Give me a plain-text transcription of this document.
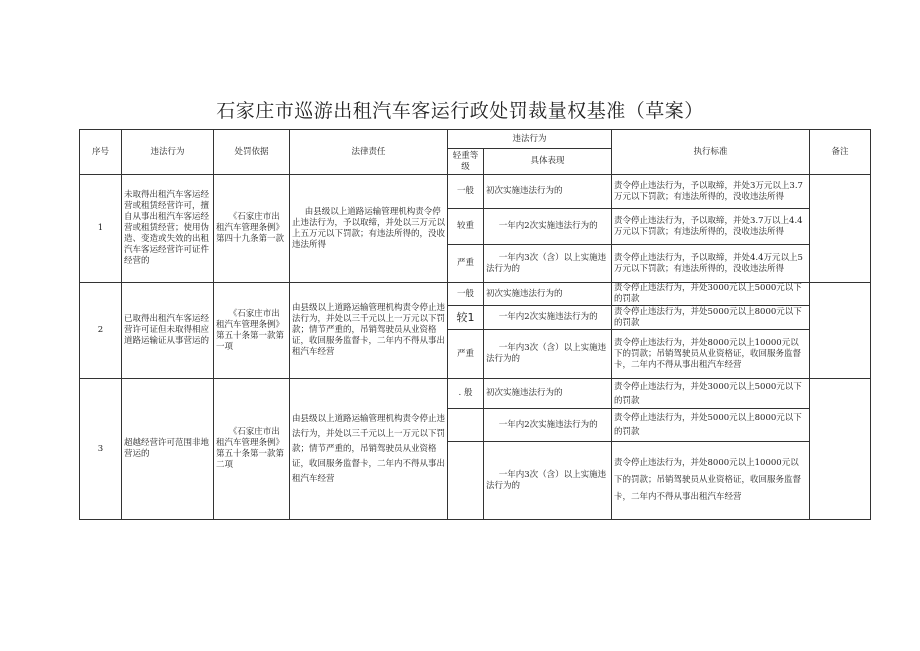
石家庄市巡游出租汽车客运行政处罚裁量权基准（草案）
序号	违法行为	处罚依据	法律责任	违法行为		执行标准	备注
				轻重等级	具体表现		
1	未取得出租汽车客运经营或租赁经营许可，擅自从事出租汽车客运经营或租赁经营；使用伪造、变造或失效的出租汽车客运经营许可证件经营的	《石家庄市出租汽车管理条例》第四十九条第一款	由县级以上道路运输管理机构责令停止违法行为，予以取缔，并处以三万元以上五万元以下罚款；有违法所得的，没收违法所得	一般	初次实施违法行为的	责令停止违法行为，予以取缔，并处3万元以上3.7万元以下罚款；有违法所得的，没收违法所得	
				较重	一年内2次实施违法行为的	责令停止违法行为，予以取缔，并处3.7万以上4.4万元以下罚款；有违法所得的，没收违法所得	
				严重	一年内3次（含）以上实施违法行为的	责令停止违法行为，予以取缔，并处4.4万元以上5万元以下罚款；有违法所得的，没收违法所得	
2	已取得出租汽车客运经营许可证但未取得相应道路运输证从事营运的	《石家庄市出租汽车管理条例》第五十条第一款第一项	由县级以上道路运输管理机构责令停止违法行为，并处以三千元以上一万元以下罚款；情节严重的，吊销驾驶员从业资格证，收回服务监督卡，二年内不得从事出租汽车经营	一般	初次实施违法行为的	责令停止违法行为，并处3000元以上5000元以下的罚款	
				较1	一年内2次实施违法行为的	责令停止违法行为，并处5000元以上8000元以下的罚款	
				严重	一年内3次（含）以上实施违法行为的	责令停止违法行为，并处8000元以上10000元以下的罚款；吊销驾驶员从业资格证，收回服务监督卡，二年内不得从事出租汽车经营	
3	超越经营许可范围非地营运的	《石家庄市出租汽车管理条例》第五十条第一款第二项	由县级以上道路运输管理机构责令停止违法行为，并处以三千元以上一万元以下罚款；情节严重的，吊销驾驶员从业资格证，收回服务监督卡，二年内不得从事出租汽车经营	. 般	初次实施违法行为的	责令停止违法行为，并处3000元以上5000元以下的罚款	
					一年内2次实施违法行为的	责令停止违法行为，并处5000元以上8000元以下的罚款	
					一年内3次（含）以上实施违法行为的	责令停止违法行为，并处8000元以上10000元以下的罚款；吊销驾驶员从业资格证，收回服务监督卡，二年内不得从事出租汽车经营	
